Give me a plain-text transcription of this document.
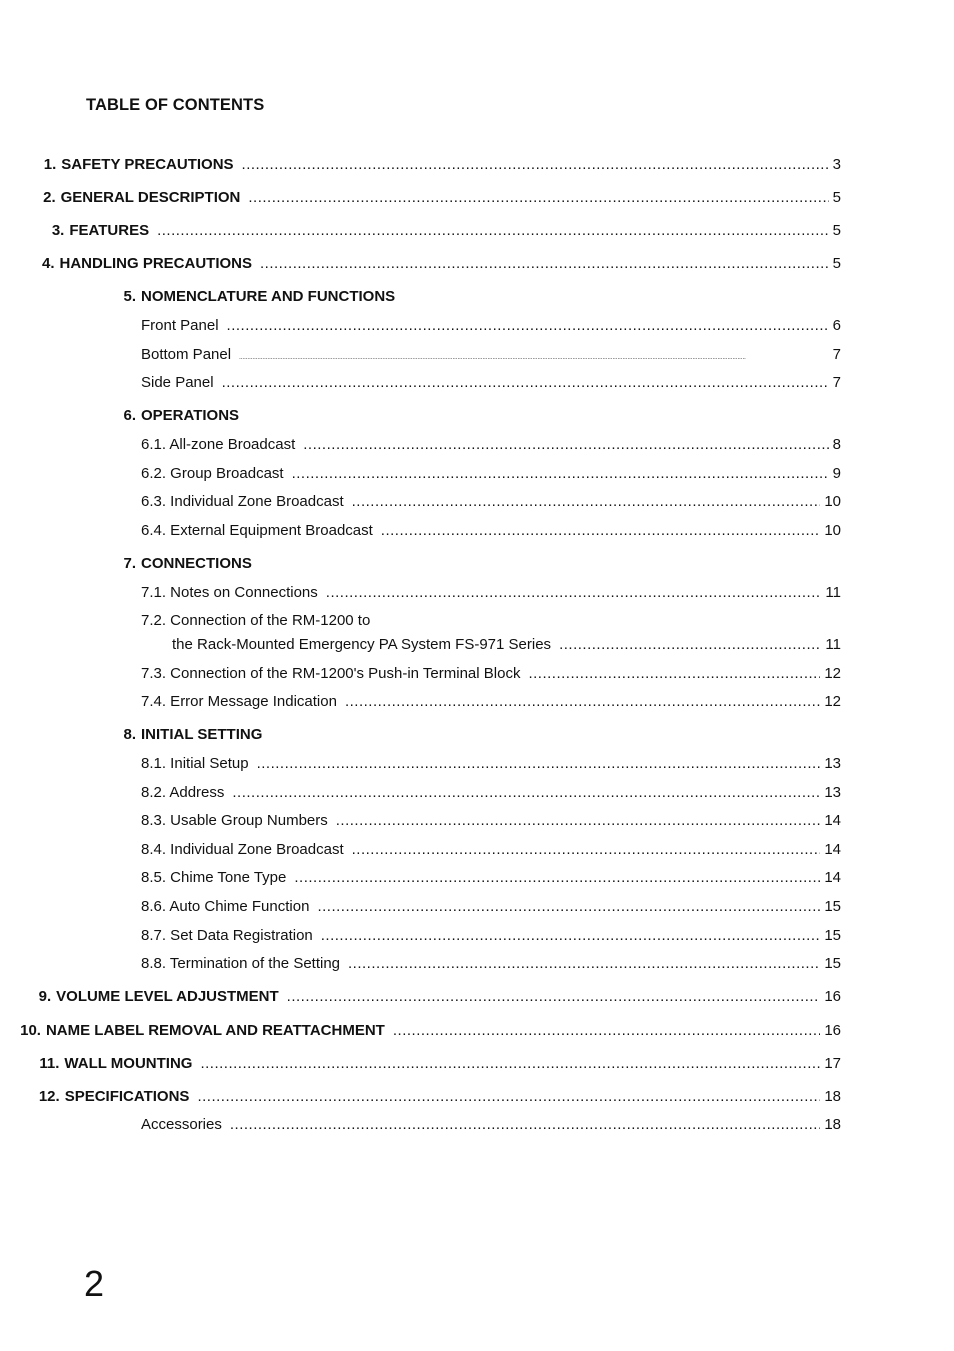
TABLE OF CONTENTS
1. SAFETY PRECAUTIONS .....	3
2. GENERAL DESCRIPTION .....	5
3. FEATURES .....	5
4. HANDLING PRECAUTIONS .....	5
5. NOMENCLATURE AND FUNCTIONS
Front Panel .....	6
Bottom Panel .....	7
Side Panel .....	7
6. OPERATIONS
6.1. All-zone Broadcast .....	8
6.2. Group Broadcast .....	9
6.3. Individual Zone Broadcast .....	10
6.4. External Equipment Broadcast .....	10
7. CONNECTIONS
7.1. Notes on Connections .....	11
7.2. Connection of the RM-1200 to
the Rack-Mounted Emergency PA System FS-971 Series .....	11
7.3. Connection of the RM-1200's Push-in Terminal Block .....	12
7.4. Error Message Indication .....	12
8. INITIAL SETTING
8.1. Initial Setup .....	13
8.2. Address .....	13
8.3. Usable Group Numbers .....	14
8.4. Individual Zone Broadcast .....	14
8.5. Chime Tone Type .....	14
8.6. Auto Chime Function .....	15
8.7. Set Data Registration .....	15
8.8. Termination of the Setting .....	15
9. VOLUME LEVEL ADJUSTMENT .....	16
10. NAME LABEL REMOVAL AND REATTACHMENT .....	16
11. WALL MOUNTING .....	17
12. SPECIFICATIONS .....	18
Accessories .....	18
2
